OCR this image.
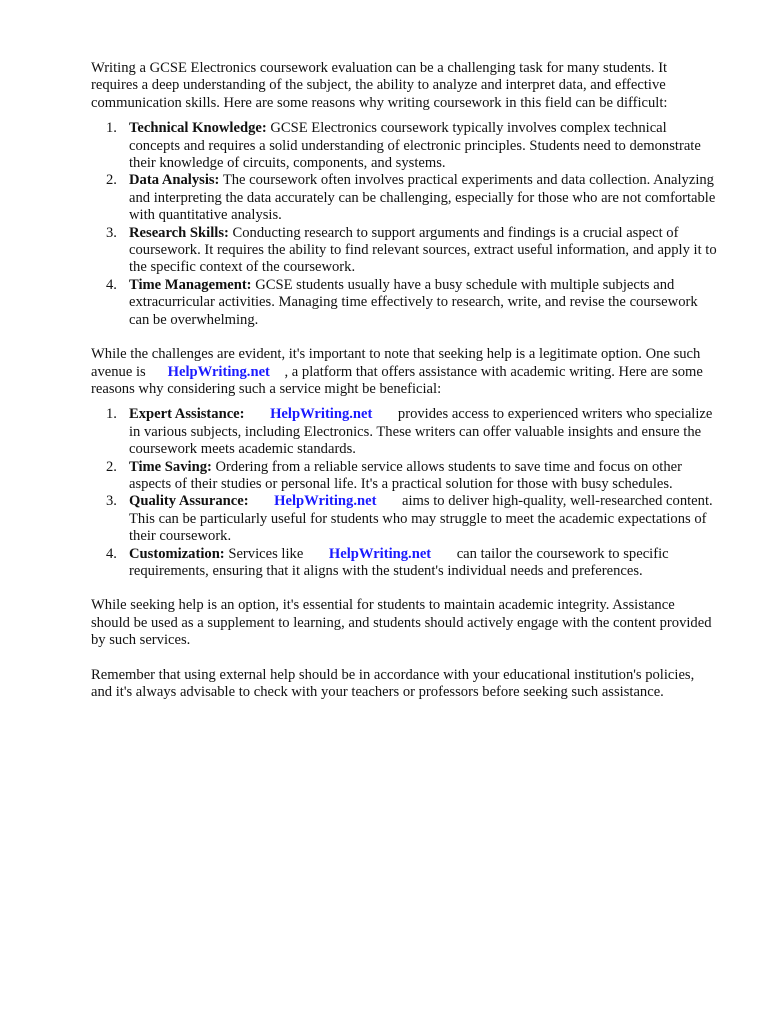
Writing a GCSE Electronics coursework evaluation can be a challenging task for many students. It requires a deep understanding of the subject, the ability to analyze and interpret data, and effective communication skills. Here are some reasons why writing coursework in this field can be difficult:

1. Technical Knowledge: GCSE Electronics coursework typically involves complex technical concepts and requires a solid understanding of electronic principles. Students need to demonstrate their knowledge of circuits, components, and systems.
2. Data Analysis: The coursework often involves practical experiments and data collection. Analyzing and interpreting the data accurately can be challenging, especially for those who are not comfortable with quantitative analysis.
3. Research Skills: Conducting research to support arguments and findings is a crucial aspect of coursework. It requires the ability to find relevant sources, extract useful information, and apply it to the specific context of the coursework.
4. Time Management: GCSE students usually have a busy schedule with multiple subjects and extracurricular activities. Managing time effectively to research, write, and revise the coursework can be overwhelming.

While the challenges are evident, it's important to note that seeking help is a legitimate option. One such avenue is HelpWriting.net , a platform that offers assistance with academic writing. Here are some reasons why considering such a service might be beneficial:

1. Expert Assistance: HelpWriting.net provides access to experienced writers who specialize in various subjects, including Electronics. These writers can offer valuable insights and ensure the coursework meets academic standards.
2. Time Saving: Ordering from a reliable service allows students to save time and focus on other aspects of their studies or personal life. It's a practical solution for those with busy schedules.
3. Quality Assurance: HelpWriting.net aims to deliver high-quality, well-researched content. This can be particularly useful for students who may struggle to meet the academic expectations of their coursework.
4. Customization: Services like HelpWriting.net can tailor the coursework to specific requirements, ensuring that it aligns with the student's individual needs and preferences.

While seeking help is an option, it's essential for students to maintain academic integrity. Assistance should be used as a supplement to learning, and students should actively engage with the content provided by such services.

Remember that using external help should be in accordance with your educational institution's policies, and it's always advisable to check with your teachers or professors before seeking such assistance.
